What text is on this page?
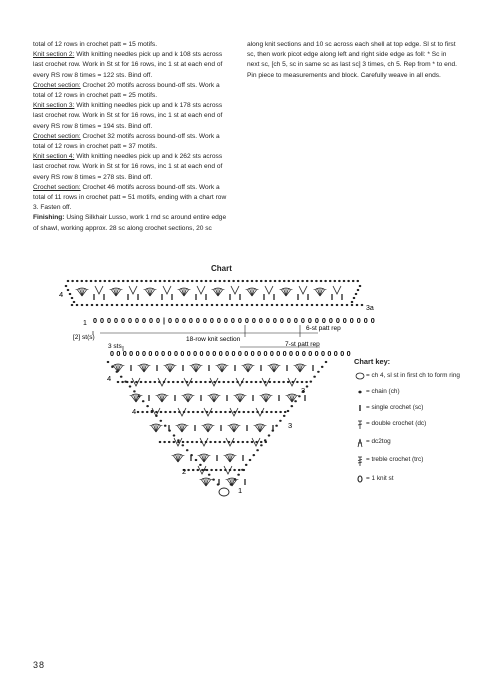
total of 12 rows in crochet patt = 15 motifs.

Knit section 2: With knitting needles pick up and k 108 sts across last crochet row. Work in St st for 16 rows, inc 1 st at each end of every RS row 8 times = 122 sts. Bind off.

Crochet section: Crochet 20 motifs across bound-off sts. Work a total of 12 rows in crochet patt = 25 motifs.

Knit section 3: With knitting needles pick up and k 178 sts across last crochet row. Work in St st for 16 rows, inc 1 st at each end of every RS row 8 times = 194 sts. Bind off.

Crochet section: Crochet 32 motifs across bound-off sts. Work a total of 12 rows in crochet patt = 37 motifs.

Knit section 4: With knitting needles pick up and k 262 sts across last crochet row. Work in St st for 16 rows, inc 1 st at each end of every RS row 8 times = 278 sts. Bind off.

Crochet section: Crochet 46 motifs across bound-off sts. Work a total of 11 rows in crochet patt = 51 motifs, ending with a chart row 3. Fasten off.

Finishing: Using Silkhair Lusso, work 1 rnd sc around entire edge of shawl, working approx. 28 sc along crochet sections, 20 sc

along knit sections and 10 sc across each shell at top edge. Sl st to first sc, then work picot edge along left and right side edge as foll: * Sc in next sc, [ch 5, sc in same sc as last sc] 3 times, ch 5. Rep from * to end. Pin piece to measurements and block. Carefully weave in all ends.

Chart
0 0 0 0 0 0 0 0 0 0 | 0 0 0 0 0 0 0 0 0 0 0 0 0 0 0 0 0 0 0 0 0 0 0 0 0 0 0 0 0 0
0 0 0 0 0 0 0 0 0 0 0 0 0 0 0 0 0 0 0 0 0 0 0 0 0 0 0 0 0 0 0 0 0 0 0 0 0 0
4
3a
1
[2] st(s)
6-st patt rep
18-row knit section
3 sts	7-st patt rep
4
3
4
3
2
1
Chart key:
= ch 4, sl st in first ch to form ring
= chain (ch)
= single crochet (sc)
= double crochet (dc)
= dc2tog
= treble crochet (trc)
= 1 knit st
38
